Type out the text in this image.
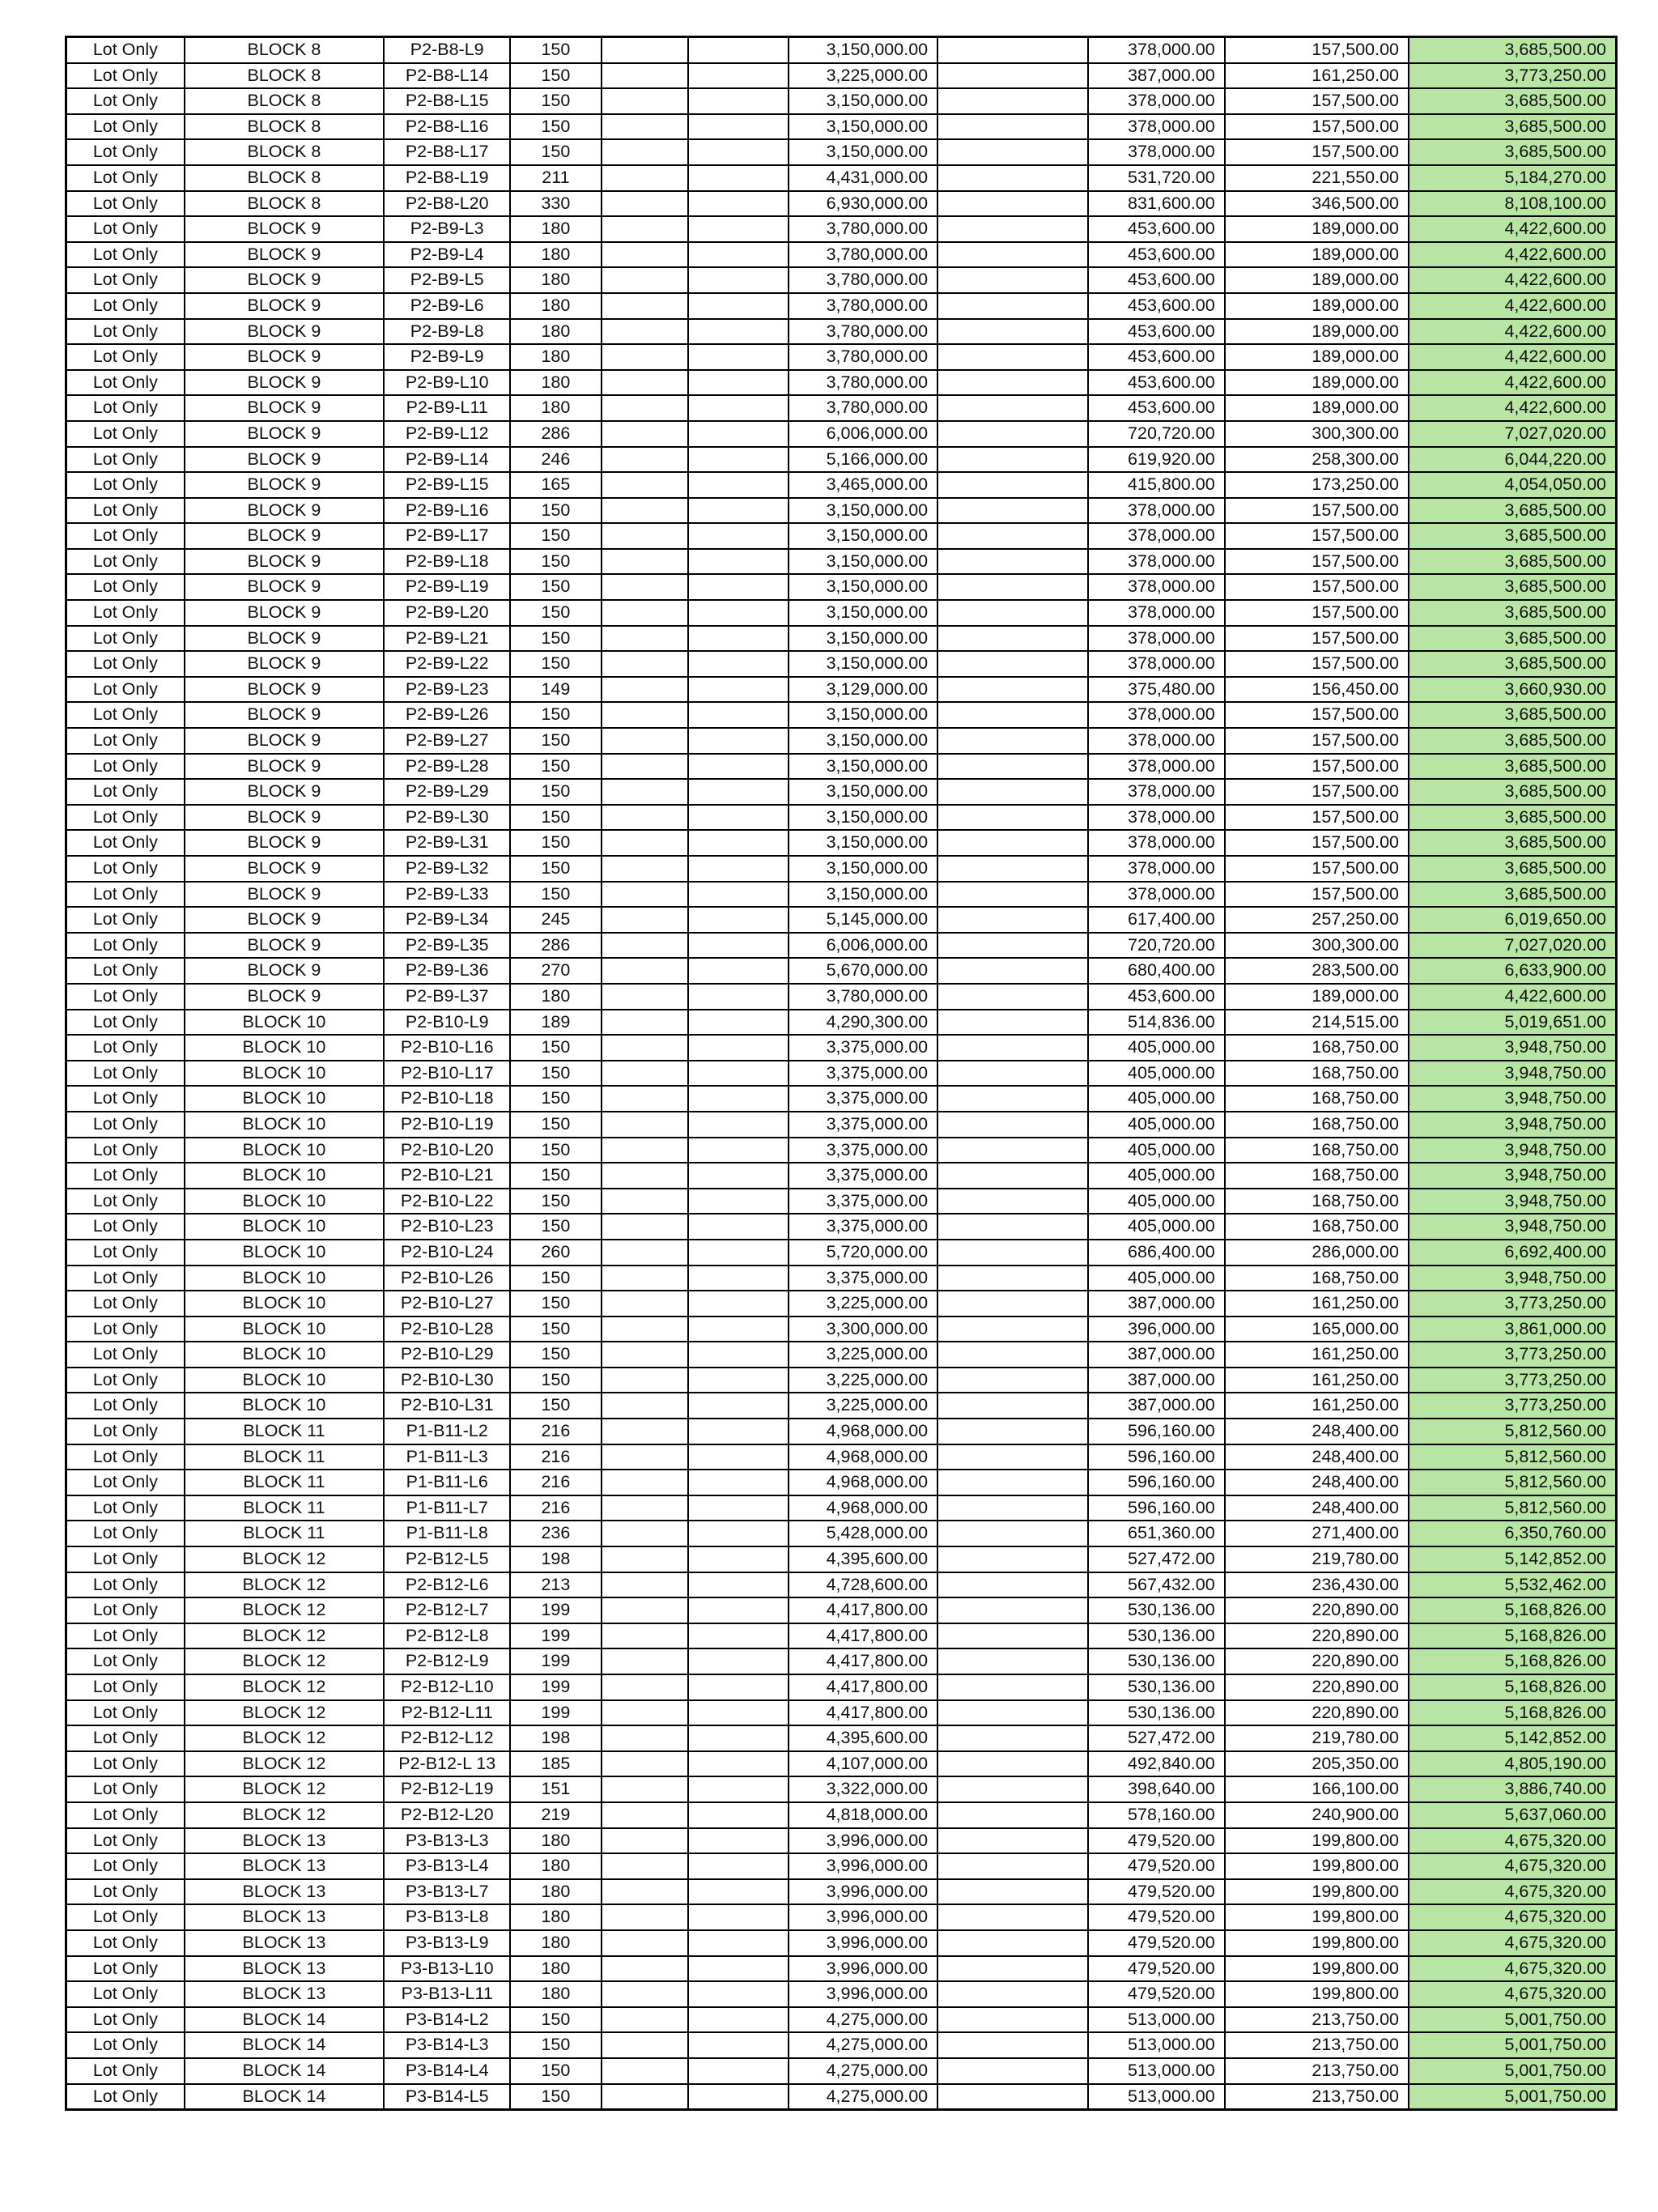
Lot Only	BLOCK 8	P2-B8-L9	150			3,150,000.00		378,000.00	157,500.00	3,685,500.00
Lot Only	BLOCK 8	P2-B8-L14	150			3,225,000.00		387,000.00	161,250.00	3,773,250.00
Lot Only	BLOCK 8	P2-B8-L15	150			3,150,000.00		378,000.00	157,500.00	3,685,500.00
Lot Only	BLOCK 8	P2-B8-L16	150			3,150,000.00		378,000.00	157,500.00	3,685,500.00
Lot Only	BLOCK 8	P2-B8-L17	150			3,150,000.00		378,000.00	157,500.00	3,685,500.00
Lot Only	BLOCK 8	P2-B8-L19	211			4,431,000.00		531,720.00	221,550.00	5,184,270.00
Lot Only	BLOCK 8	P2-B8-L20	330			6,930,000.00		831,600.00	346,500.00	8,108,100.00
Lot Only	BLOCK 9	P2-B9-L3	180			3,780,000.00		453,600.00	189,000.00	4,422,600.00
Lot Only	BLOCK 9	P2-B9-L4	180			3,780,000.00		453,600.00	189,000.00	4,422,600.00
Lot Only	BLOCK 9	P2-B9-L5	180			3,780,000.00		453,600.00	189,000.00	4,422,600.00
Lot Only	BLOCK 9	P2-B9-L6	180			3,780,000.00		453,600.00	189,000.00	4,422,600.00
Lot Only	BLOCK 9	P2-B9-L8	180			3,780,000.00		453,600.00	189,000.00	4,422,600.00
Lot Only	BLOCK 9	P2-B9-L9	180			3,780,000.00		453,600.00	189,000.00	4,422,600.00
Lot Only	BLOCK 9	P2-B9-L10	180			3,780,000.00		453,600.00	189,000.00	4,422,600.00
Lot Only	BLOCK 9	P2-B9-L11	180			3,780,000.00		453,600.00	189,000.00	4,422,600.00
Lot Only	BLOCK 9	P2-B9-L12	286			6,006,000.00		720,720.00	300,300.00	7,027,020.00
Lot Only	BLOCK 9	P2-B9-L14	246			5,166,000.00		619,920.00	258,300.00	6,044,220.00
Lot Only	BLOCK 9	P2-B9-L15	165			3,465,000.00		415,800.00	173,250.00	4,054,050.00
Lot Only	BLOCK 9	P2-B9-L16	150			3,150,000.00		378,000.00	157,500.00	3,685,500.00
Lot Only	BLOCK 9	P2-B9-L17	150			3,150,000.00		378,000.00	157,500.00	3,685,500.00
Lot Only	BLOCK 9	P2-B9-L18	150			3,150,000.00		378,000.00	157,500.00	3,685,500.00
Lot Only	BLOCK 9	P2-B9-L19	150			3,150,000.00		378,000.00	157,500.00	3,685,500.00
Lot Only	BLOCK 9	P2-B9-L20	150			3,150,000.00		378,000.00	157,500.00	3,685,500.00
Lot Only	BLOCK 9	P2-B9-L21	150			3,150,000.00		378,000.00	157,500.00	3,685,500.00
Lot Only	BLOCK 9	P2-B9-L22	150			3,150,000.00		378,000.00	157,500.00	3,685,500.00
Lot Only	BLOCK 9	P2-B9-L23	149			3,129,000.00		375,480.00	156,450.00	3,660,930.00
Lot Only	BLOCK 9	P2-B9-L26	150			3,150,000.00		378,000.00	157,500.00	3,685,500.00
Lot Only	BLOCK 9	P2-B9-L27	150			3,150,000.00		378,000.00	157,500.00	3,685,500.00
Lot Only	BLOCK 9	P2-B9-L28	150			3,150,000.00		378,000.00	157,500.00	3,685,500.00
Lot Only	BLOCK 9	P2-B9-L29	150			3,150,000.00		378,000.00	157,500.00	3,685,500.00
Lot Only	BLOCK 9	P2-B9-L30	150			3,150,000.00		378,000.00	157,500.00	3,685,500.00
Lot Only	BLOCK 9	P2-B9-L31	150			3,150,000.00		378,000.00	157,500.00	3,685,500.00
Lot Only	BLOCK 9	P2-B9-L32	150			3,150,000.00		378,000.00	157,500.00	3,685,500.00
Lot Only	BLOCK 9	P2-B9-L33	150			3,150,000.00		378,000.00	157,500.00	3,685,500.00
Lot Only	BLOCK 9	P2-B9-L34	245			5,145,000.00		617,400.00	257,250.00	6,019,650.00
Lot Only	BLOCK 9	P2-B9-L35	286			6,006,000.00		720,720.00	300,300.00	7,027,020.00
Lot Only	BLOCK 9	P2-B9-L36	270			5,670,000.00		680,400.00	283,500.00	6,633,900.00
Lot Only	BLOCK 9	P2-B9-L37	180			3,780,000.00		453,600.00	189,000.00	4,422,600.00
Lot Only	BLOCK 10	P2-B10-L9	189			4,290,300.00		514,836.00	214,515.00	5,019,651.00
Lot Only	BLOCK 10	P2-B10-L16	150			3,375,000.00		405,000.00	168,750.00	3,948,750.00
Lot Only	BLOCK 10	P2-B10-L17	150			3,375,000.00		405,000.00	168,750.00	3,948,750.00
Lot Only	BLOCK 10	P2-B10-L18	150			3,375,000.00		405,000.00	168,750.00	3,948,750.00
Lot Only	BLOCK 10	P2-B10-L19	150			3,375,000.00		405,000.00	168,750.00	3,948,750.00
Lot Only	BLOCK 10	P2-B10-L20	150			3,375,000.00		405,000.00	168,750.00	3,948,750.00
Lot Only	BLOCK 10	P2-B10-L21	150			3,375,000.00		405,000.00	168,750.00	3,948,750.00
Lot Only	BLOCK 10	P2-B10-L22	150			3,375,000.00		405,000.00	168,750.00	3,948,750.00
Lot Only	BLOCK 10	P2-B10-L23	150			3,375,000.00		405,000.00	168,750.00	3,948,750.00
Lot Only	BLOCK 10	P2-B10-L24	260			5,720,000.00		686,400.00	286,000.00	6,692,400.00
Lot Only	BLOCK 10	P2-B10-L26	150			3,375,000.00		405,000.00	168,750.00	3,948,750.00
Lot Only	BLOCK 10	P2-B10-L27	150			3,225,000.00		387,000.00	161,250.00	3,773,250.00
Lot Only	BLOCK 10	P2-B10-L28	150			3,300,000.00		396,000.00	165,000.00	3,861,000.00
Lot Only	BLOCK 10	P2-B10-L29	150			3,225,000.00		387,000.00	161,250.00	3,773,250.00
Lot Only	BLOCK 10	P2-B10-L30	150			3,225,000.00		387,000.00	161,250.00	3,773,250.00
Lot Only	BLOCK 10	P2-B10-L31	150			3,225,000.00		387,000.00	161,250.00	3,773,250.00
Lot Only	BLOCK 11	P1-B11-L2	216			4,968,000.00		596,160.00	248,400.00	5,812,560.00
Lot Only	BLOCK 11	P1-B11-L3	216			4,968,000.00		596,160.00	248,400.00	5,812,560.00
Lot Only	BLOCK 11	P1-B11-L6	216			4,968,000.00		596,160.00	248,400.00	5,812,560.00
Lot Only	BLOCK 11	P1-B11-L7	216			4,968,000.00		596,160.00	248,400.00	5,812,560.00
Lot Only	BLOCK 11	P1-B11-L8	236			5,428,000.00		651,360.00	271,400.00	6,350,760.00
Lot Only	BLOCK 12	P2-B12-L5	198			4,395,600.00		527,472.00	219,780.00	5,142,852.00
Lot Only	BLOCK 12	P2-B12-L6	213			4,728,600.00		567,432.00	236,430.00	5,532,462.00
Lot Only	BLOCK 12	P2-B12-L7	199			4,417,800.00		530,136.00	220,890.00	5,168,826.00
Lot Only	BLOCK 12	P2-B12-L8	199			4,417,800.00		530,136.00	220,890.00	5,168,826.00
Lot Only	BLOCK 12	P2-B12-L9	199			4,417,800.00		530,136.00	220,890.00	5,168,826.00
Lot Only	BLOCK 12	P2-B12-L10	199			4,417,800.00		530,136.00	220,890.00	5,168,826.00
Lot Only	BLOCK 12	P2-B12-L11	199			4,417,800.00		530,136.00	220,890.00	5,168,826.00
Lot Only	BLOCK 12	P2-B12-L12	198			4,395,600.00		527,472.00	219,780.00	5,142,852.00
Lot Only	BLOCK 12	P2-B12-L 13	185			4,107,000.00		492,840.00	205,350.00	4,805,190.00
Lot Only	BLOCK 12	P2-B12-L19	151			3,322,000.00		398,640.00	166,100.00	3,886,740.00
Lot Only	BLOCK 12	P2-B12-L20	219			4,818,000.00		578,160.00	240,900.00	5,637,060.00
Lot Only	BLOCK 13	P3-B13-L3	180			3,996,000.00		479,520.00	199,800.00	4,675,320.00
Lot Only	BLOCK 13	P3-B13-L4	180			3,996,000.00		479,520.00	199,800.00	4,675,320.00
Lot Only	BLOCK 13	P3-B13-L7	180			3,996,000.00		479,520.00	199,800.00	4,675,320.00
Lot Only	BLOCK 13	P3-B13-L8	180			3,996,000.00		479,520.00	199,800.00	4,675,320.00
Lot Only	BLOCK 13	P3-B13-L9	180			3,996,000.00		479,520.00	199,800.00	4,675,320.00
Lot Only	BLOCK 13	P3-B13-L10	180			3,996,000.00		479,520.00	199,800.00	4,675,320.00
Lot Only	BLOCK 13	P3-B13-L11	180			3,996,000.00		479,520.00	199,800.00	4,675,320.00
Lot Only	BLOCK 14	P3-B14-L2	150			4,275,000.00		513,000.00	213,750.00	5,001,750.00
Lot Only	BLOCK 14	P3-B14-L3	150			4,275,000.00		513,000.00	213,750.00	5,001,750.00
Lot Only	BLOCK 14	P3-B14-L4	150			4,275,000.00		513,000.00	213,750.00	5,001,750.00
Lot Only	BLOCK 14	P3-B14-L5	150			4,275,000.00		513,000.00	213,750.00	5,001,750.00
